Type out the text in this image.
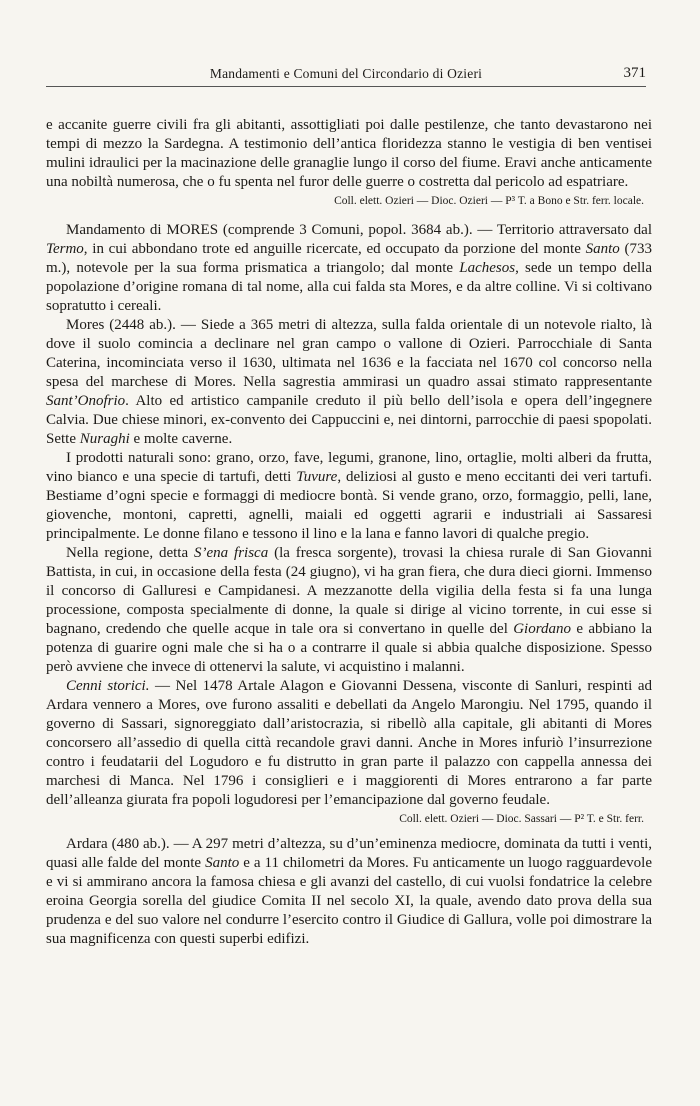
Mandamenti e Comuni del Circondario di Ozieri	371

e accanite guerre civili fra gli abitanti, assottigliati poi dalle pestilenze, che tanto devastarono nei tempi di mezzo la Sardegna. A testimonio dell’antica floridezza stanno le vestigia di ben ventisei mulini idraulici per la macinazione delle granaglie lungo il corso del fiume. Eravi anche anticamente una nobiltà numerosa, che o fu spenta nel furor delle guerre o costretta dal pericolo ad espatriare.

Coll. elett. Ozieri — Dioc. Ozieri — P³ T. a Bono e Str. ferr. locale.

Mandamento di MORES (comprende 3 Comuni, popol. 3684 ab.). — Territorio attraversato dal Termo, in cui abbondano trote ed anguille ricercate, ed occupato da porzione del monte Santo (733 m.), notevole per la sua forma prismatica a triangolo; dal monte Lachesos, sede un tempo della popolazione d’origine romana di tal nome, alla cui falda sta Mores, e da altre colline. Vi si coltivano sopratutto i cereali.

Mores (2448 ab.). — Siede a 365 metri di altezza, sulla falda orientale di un notevole rialto, là dove il suolo comincia a declinare nel gran campo o vallone di Ozieri. Parrocchiale di Santa Caterina, incominciata verso il 1630, ultimata nel 1636 e la facciata nel 1670 col concorso nella spesa del marchese di Mores. Nella sagrestia ammirasi un quadro assai stimato rappresentante Sant’Onofrio. Alto ed artistico campanile creduto il più bello dell’isola e opera dell’ingegnere Calvia. Due chiese minori, ex-convento dei Cappuccini e, nei dintorni, parrocchie di paesi spopolati. Sette Nuraghi e molte caverne.

I prodotti naturali sono: grano, orzo, fave, legumi, granone, lino, ortaglie, molti alberi da frutta, vino bianco e una specie di tartufi, detti Tuvure, deliziosi al gusto e meno eccitanti dei veri tartufi. Bestiame d’ogni specie e formaggi di mediocre bontà. Si vende grano, orzo, formaggio, pelli, lane, giovenche, montoni, capretti, agnelli, maiali ed oggetti agrarii e industriali ai Sassaresi principalmente. Le donne filano e tessono il lino e la lana e fanno lavori di qualche pregio.

Nella regione, detta S’ena frisca (la fresca sorgente), trovasi la chiesa rurale di San Giovanni Battista, in cui, in occasione della festa (24 giugno), vi ha gran fiera, che dura dieci giorni. Immenso il concorso di Galluresi e Campidanesi. A mezzanotte della vigilia della festa si fa una lunga processione, composta specialmente di donne, la quale si dirige al vicino torrente, in cui esse si bagnano, credendo che quelle acque in tale ora si convertano in quelle del Giordano e abbiano la potenza di guarire ogni male che si ha o a contrarre il quale si abbia qualche disposizione. Spesso però avviene che invece di ottenervi la salute, vi acquistino i malanni.

Cenni storici. — Nel 1478 Artale Alagon e Giovanni Dessena, visconte di Sanluri, respinti ad Ardara vennero a Mores, ove furono assaliti e debellati da Angelo Marongiu. Nel 1795, quando il governo di Sassari, signoreggiato dall’aristocrazia, si ribellò alla capitale, gli abitanti di Mores concorsero all’assedio di quella città recandole gravi danni. Anche in Mores infuriò l’insurrezione contro i feudatarii del Logudoro e fu distrutto in gran parte il palazzo con cappella annessa dei marchesi di Manca. Nel 1796 i consiglieri e i maggiorenti di Mores entrarono a far parte dell’alleanza giurata fra popoli logudoresi per l’emancipazione dal governo feudale.

Coll. elett. Ozieri — Dioc. Sassari — P² T. e Str. ferr.

Ardara (480 ab.). — A 297 metri d’altezza, su d’un’eminenza mediocre, dominata da tutti i venti, quasi alle falde del monte Santo e a 11 chilometri da Mores. Fu anticamente un luogo ragguardevole e vi si ammirano ancora la famosa chiesa e gli avanzi del castello, di cui vuolsi fondatrice la celebre eroina Georgia sorella del giudice Comita II nel secolo XI, la quale, avendo dato prova della sua prudenza e del suo valore nel condurre l’esercito contro il Giudice di Gallura, volle poi dimostrare la sua magnificenza con questi superbi edifizi.
